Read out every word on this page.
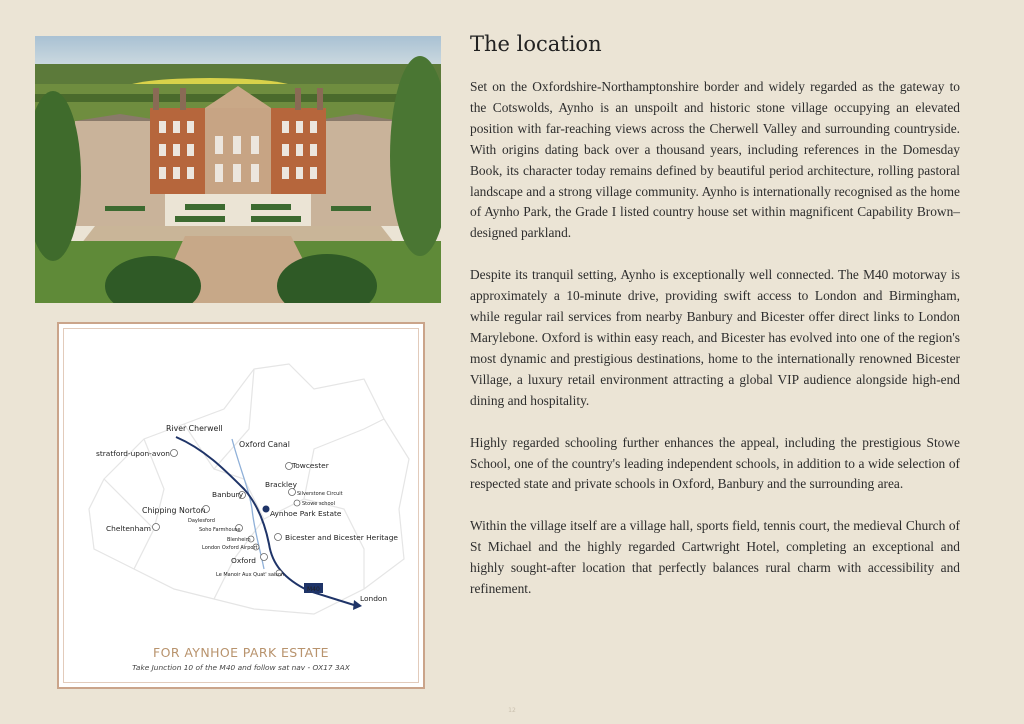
River Cherwell
Oxford Canal
stratford-upon-avon
Towcester
Brackley
Banbury	Silverstone Circuit
Stowe school
Aynhoe Park Estate
Chipping Norton
Daylesford
Soho Farmhouse
Cheltenham
Blenheim
London Oxford Airport
Bicester and Bicester Heritage
Oxford
Le Manoir Aux Quat' saison
M40
London
FOR AYNHOE PARK ESTATE
Take Junction 10 of the M40 and follow sat nav - OX17 3AX
The location

Set on the Oxfordshire-Northamptonshire border and widely regarded as the gateway to the Cotswolds, Aynho is an unspoilt and historic stone village occupying an elevated position with far-reaching views across the Cherwell Valley and surrounding countryside. With origins dating back over a thousand years, including references in the Domesday Book, its character today remains defined by beautiful period architecture, rolling pastoral landscape and a strong village community. Aynho is internationally recognised as the home of Aynho Park, the Grade I listed country house set within magnificent Capability Brown–designed parkland.

Despite its tranquil setting, Aynho is exceptionally well connected. The M40 motorway is approximately a 10-minute drive, providing swift access to London and Birmingham, while regular rail services from nearby Banbury and Bicester offer direct links to London Marylebone. Oxford is within easy reach, and Bicester has evolved into one of the region's most dynamic and prestigious destinations, home to the internationally renowned Bicester Village, a luxury retail environment attracting a global VIP audience alongside high-end dining and hospitality.

Highly regarded schooling further enhances the appeal, including the prestigious Stowe School, one of the country's leading independent schools, in addition to a wide selection of respected state and private schools in Oxford, Banbury and the surrounding area.

Within the village itself are a village hall, sports field, tennis court, the medieval Church of St Michael and the highly regarded Cartwright Hotel, completing an exceptional and highly sought-after location that perfectly balances rural charm with accessibility and refinement.

12
